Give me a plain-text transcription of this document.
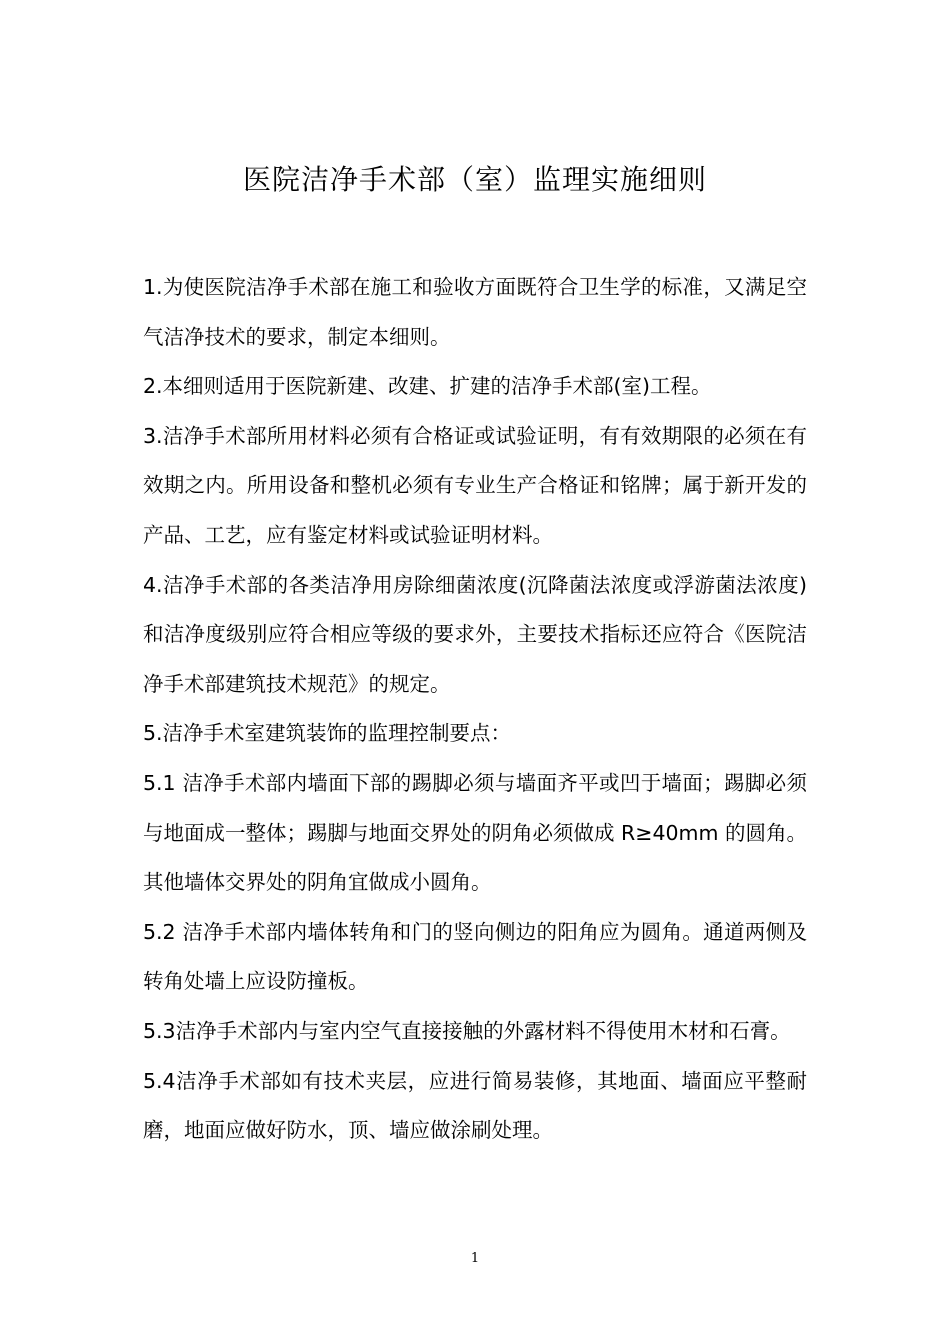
医院洁净手术部（室）监理实施细则

1.为使医院洁净手术部在施工和验收方面既符合卫生学的标准，又满足空气洁净技术的要求，制定本细则。

2.本细则适用于医院新建、改建、扩建的洁净手术部(室)工程。

3.洁净手术部所用材料必须有合格证或试验证明，有有效期限的必须在有效期之内。所用设备和整机必须有专业生产合格证和铭牌；属于新开发的产品、工艺，应有鉴定材料或试验证明材料。

4.洁净手术部的各类洁净用房除细菌浓度(沉降菌法浓度或浮游菌法浓度)和洁净度级别应符合相应等级的要求外，主要技术指标还应符合《医院洁净手术部建筑技术规范》的规定。

5.洁净手术室建筑装饰的监理控制要点：

5.1 洁净手术部内墙面下部的踢脚必须与墙面齐平或凹于墙面；踢脚必须与地面成一整体；踢脚与地面交界处的阴角必须做成 R≥40mm 的圆角。其他墙体交界处的阴角宜做成小圆角。

5.2 洁净手术部内墙体转角和门的竖向侧边的阳角应为圆角。通道两侧及转角处墙上应设防撞板。

5.3洁净手术部内与室内空气直接接触的外露材料不得使用木材和石膏。

5.4洁净手术部如有技术夹层，应进行简易装修，其地面、墙面应平整耐磨，地面应做好防水，顶、墙应做涂刷处理。

1
